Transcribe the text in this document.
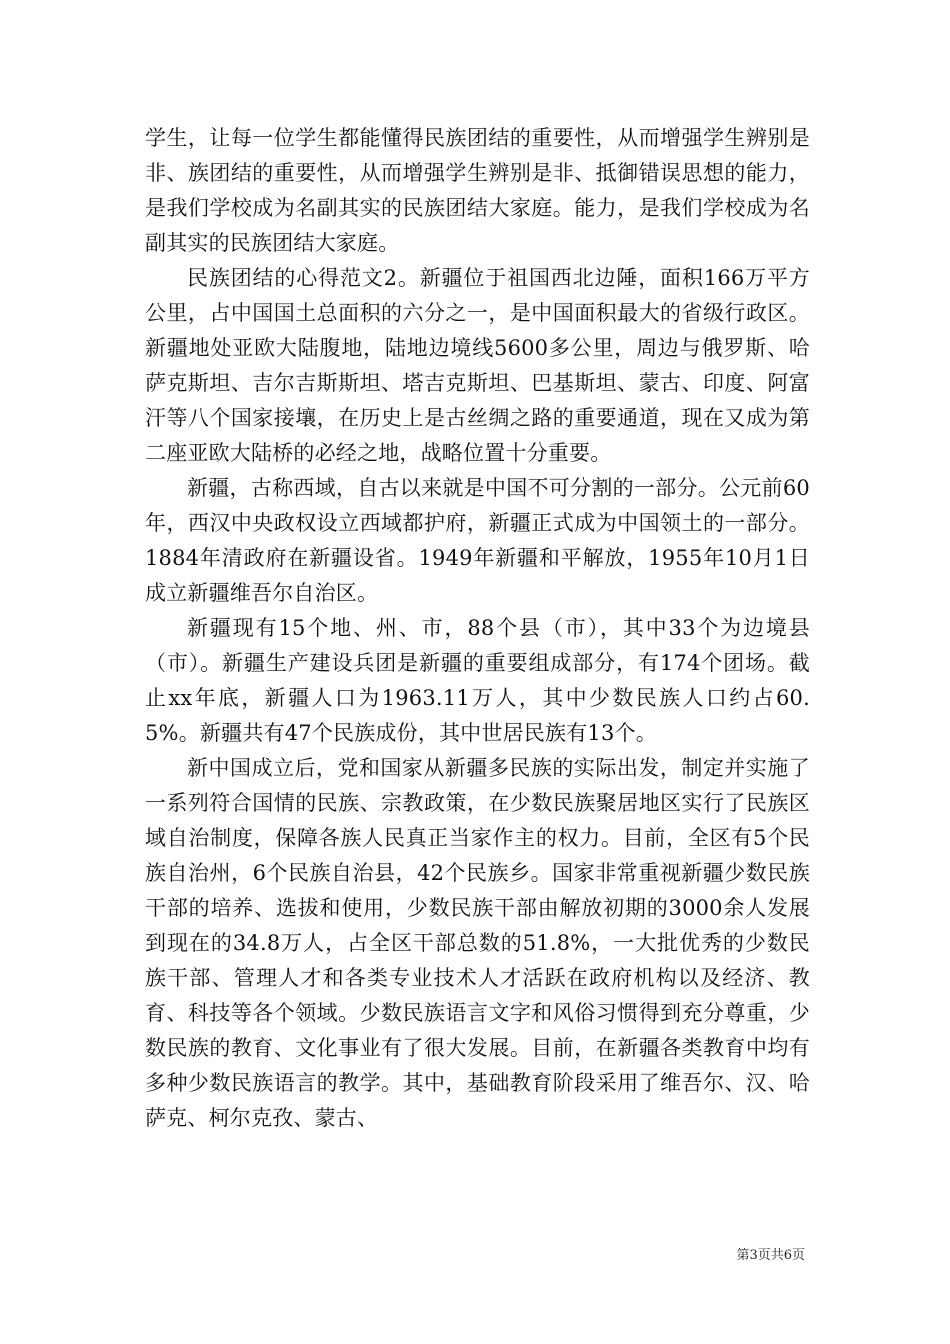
学生，让每一位学生都能懂得民族团结的重要性，从而增强学生辨别是非、族团结的重要性，从而增强学生辨别是非、抵御错误思想的能力，是我们学校成为名副其实的民族团结大家庭。能力，是我们学校成为名副其实的民族团结大家庭。

民族团结的心得范文2。新疆位于祖国西北边陲，面积166万平方公里，占中国国土总面积的六分之一，是中国面积最大的省级行政区。新疆地处亚欧大陆腹地，陆地边境线5600多公里，周边与俄罗斯、哈萨克斯坦、吉尔吉斯斯坦、塔吉克斯坦、巴基斯坦、蒙古、印度、阿富汗等八个国家接壤，在历史上是古丝绸之路的重要通道，现在又成为第二座亚欧大陆桥的必经之地，战略位置十分重要。

新疆，古称西域，自古以来就是中国不可分割的一部分。公元前60年，西汉中央政权设立西域都护府，新疆正式成为中国领土的一部分。1884年清政府在新疆设省。1949年新疆和平解放，1955年10月1日成立新疆维吾尔自治区。

新疆现有15个地、州、市，88个县（市），其中33个为边境县（市）。新疆生产建设兵团是新疆的重要组成部分，有174个团场。截止xx年底，新疆人口为1963.11万人，其中少数民族人口约占60.5%。新疆共有47个民族成份，其中世居民族有13个。

新中国成立后，党和国家从新疆多民族的实际出发，制定并实施了一系列符合国情的民族、宗教政策，在少数民族聚居地区实行了民族区域自治制度，保障各族人民真正当家作主的权力。目前，全区有5个民族自治州，6个民族自治县，42个民族乡。国家非常重视新疆少数民族干部的培养、选拔和使用，少数民族干部由解放初期的3000余人发展到现在的34.8万人，占全区干部总数的51.8%，一大批优秀的少数民族干部、管理人才和各类专业技术人才活跃在政府机构以及经济、教育、科技等各个领域。少数民族语言文字和风俗习惯得到充分尊重，少数民族的教育、文化事业有了很大发展。目前，在新疆各类教育中均有多种少数民族语言的教学。其中，基础教育阶段采用了维吾尔、汉、哈萨克、柯尔克孜、蒙古、

第3页共6页
